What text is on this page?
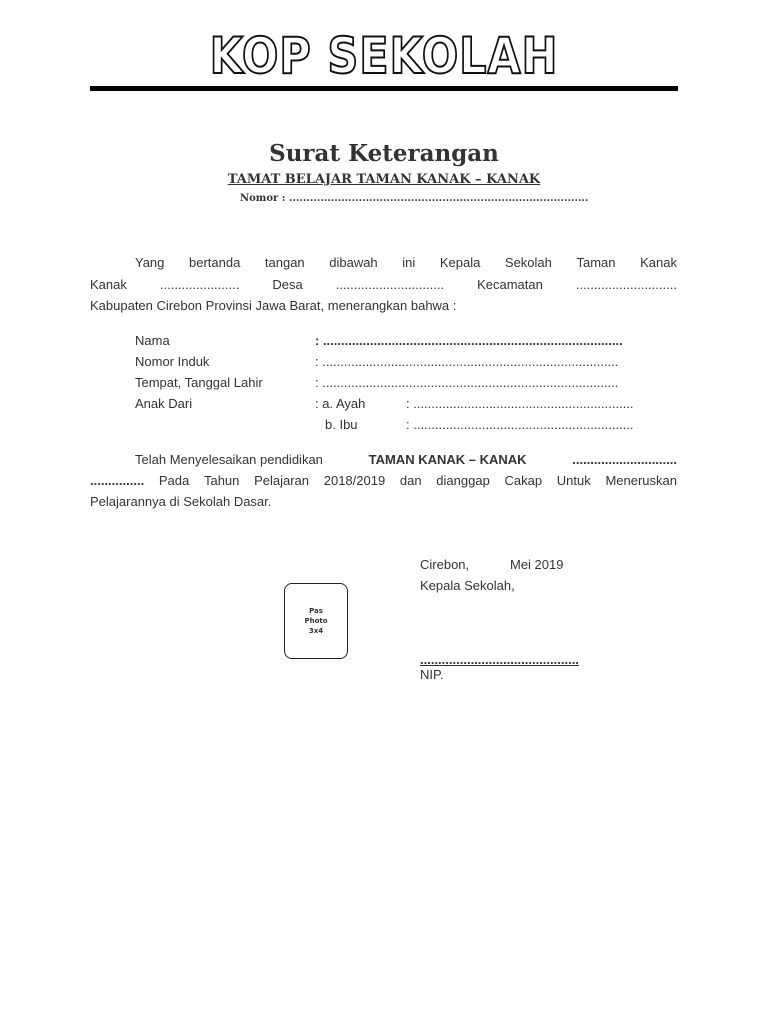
KOP SEKOLAH
Surat Keterangan
TAMAT BELAJAR TAMAN KANAK – KANAK
Nomor : ......................................................................................
Yang bertanda tangan dibawah ini Kepala Sekolah Taman Kanak
Kanak	......................	Desa	..............................	Kecamatan	............................
Kabupaten Cirebon Provinsi Jawa Barat, menerangkan bahwa :
Nama	: ...................................................................................
Nomor Induk	: ..................................................................................
Tempat, Tanggal Lahir	: ..................................................................................
Anak Dari	: a. Ayah	: .............................................................
b. Ibu	: .............................................................
Telah Menyelesaikan pendidikan	TAMAN KANAK – KANAK	.............................
............... Pada Tahun Pelajaran 2018/2019 dan dianggap Cakap Untuk Meneruskan
Pelajarannya di Sekolah Dasar.
Cirebon,	Mei 2019
Kepala Sekolah,
............................................
NIP.
Pas
Photo
3x4
